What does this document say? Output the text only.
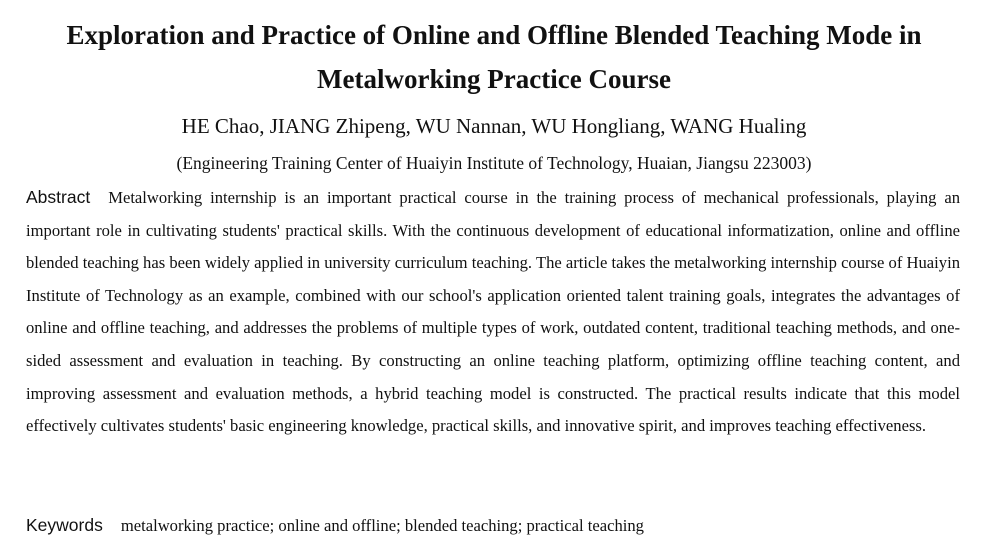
Exploration and Practice of Online and Offline Blended Teaching Mode in Metalworking Practice Course
HE Chao, JIANG Zhipeng, WU Nannan, WU Hongliang, WANG Hualing
(Engineering Training Center of Huaiyin Institute of Technology, Huaian, Jiangsu 223003)

Abstract Metalworking internship is an important practical course in the training process of mechanical professionals, playing an important role in cultivating students' practical skills. With the continuous development of educational informatization, online and offline blended teaching has been widely applied in university curriculum teaching. The article takes the metalworking internship course of Huaiyin Institute of Technology as an example, combined with our school's application oriented talent training goals, integrates the advantages of online and offline teaching, and addresses the problems of multiple types of work, outdated content, traditional teaching methods, and one-sided assessment and evaluation in teaching. By constructing an online teaching platform, optimizing offline teaching content, and improving assessment and evaluation methods, a hybrid teaching model is constructed. The practical results indicate that this model effectively cultivates students' basic engineering knowledge, practical skills, and innovative spirit, and improves teaching effectiveness.

Keywords metalworking practice; online and offline; blended teaching; practical teaching
